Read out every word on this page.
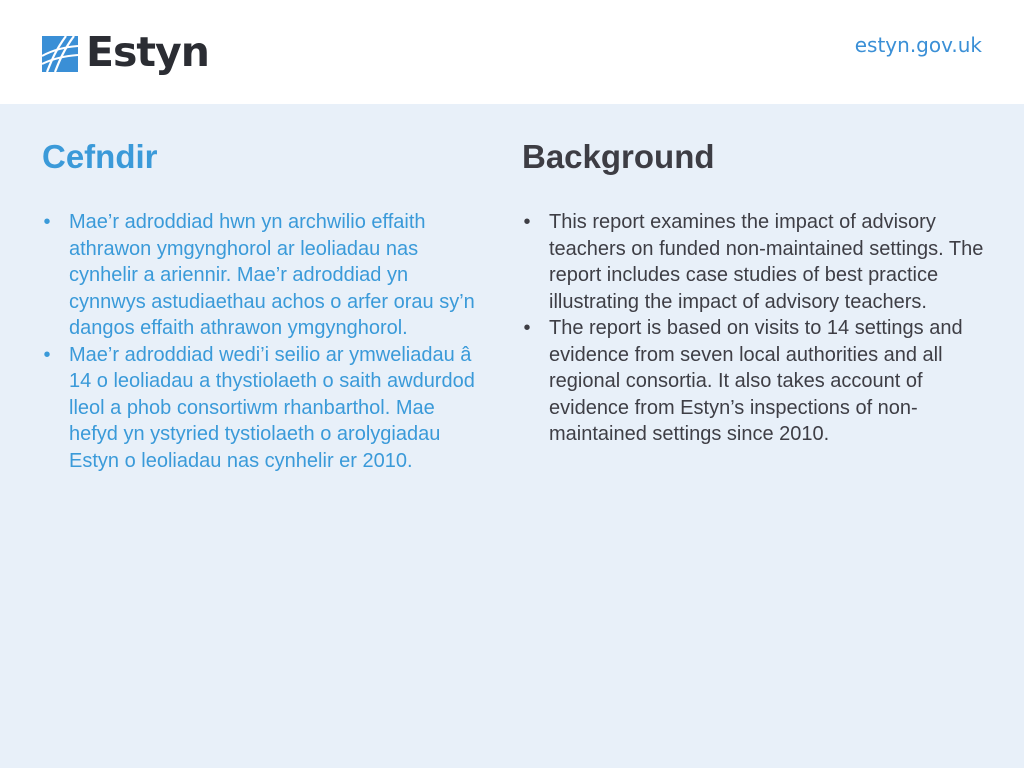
Estyn	estyn.gov.uk
Cefndir
• Mae’r adroddiad hwn yn archwilio effaith athrawon ymgynghorol ar leoliadau nas cynhelir a ariennir. Mae’r adroddiad yn cynnwys astudiaethau achos o arfer orau sy’n dangos effaith athrawon ymgynghorol.
• Mae’r adroddiad wedi’i seilio ar ymweliadau â 14 o leoliadau a thystiolaeth o saith awdurdod lleol a phob consortiwm rhanbarthol. Mae hefyd yn ystyried tystiolaeth o arolygiadau Estyn o leoliadau nas cynhelir er 2010.
Background
• This report examines the impact of advisory teachers on funded non-maintained settings. The report includes case studies of best practice illustrating the impact of advisory teachers.
• The report is based on visits to 14 settings and evidence from seven local authorities and all regional consortia. It also takes account of evidence from Estyn’s inspections of non-maintained settings since 2010.
